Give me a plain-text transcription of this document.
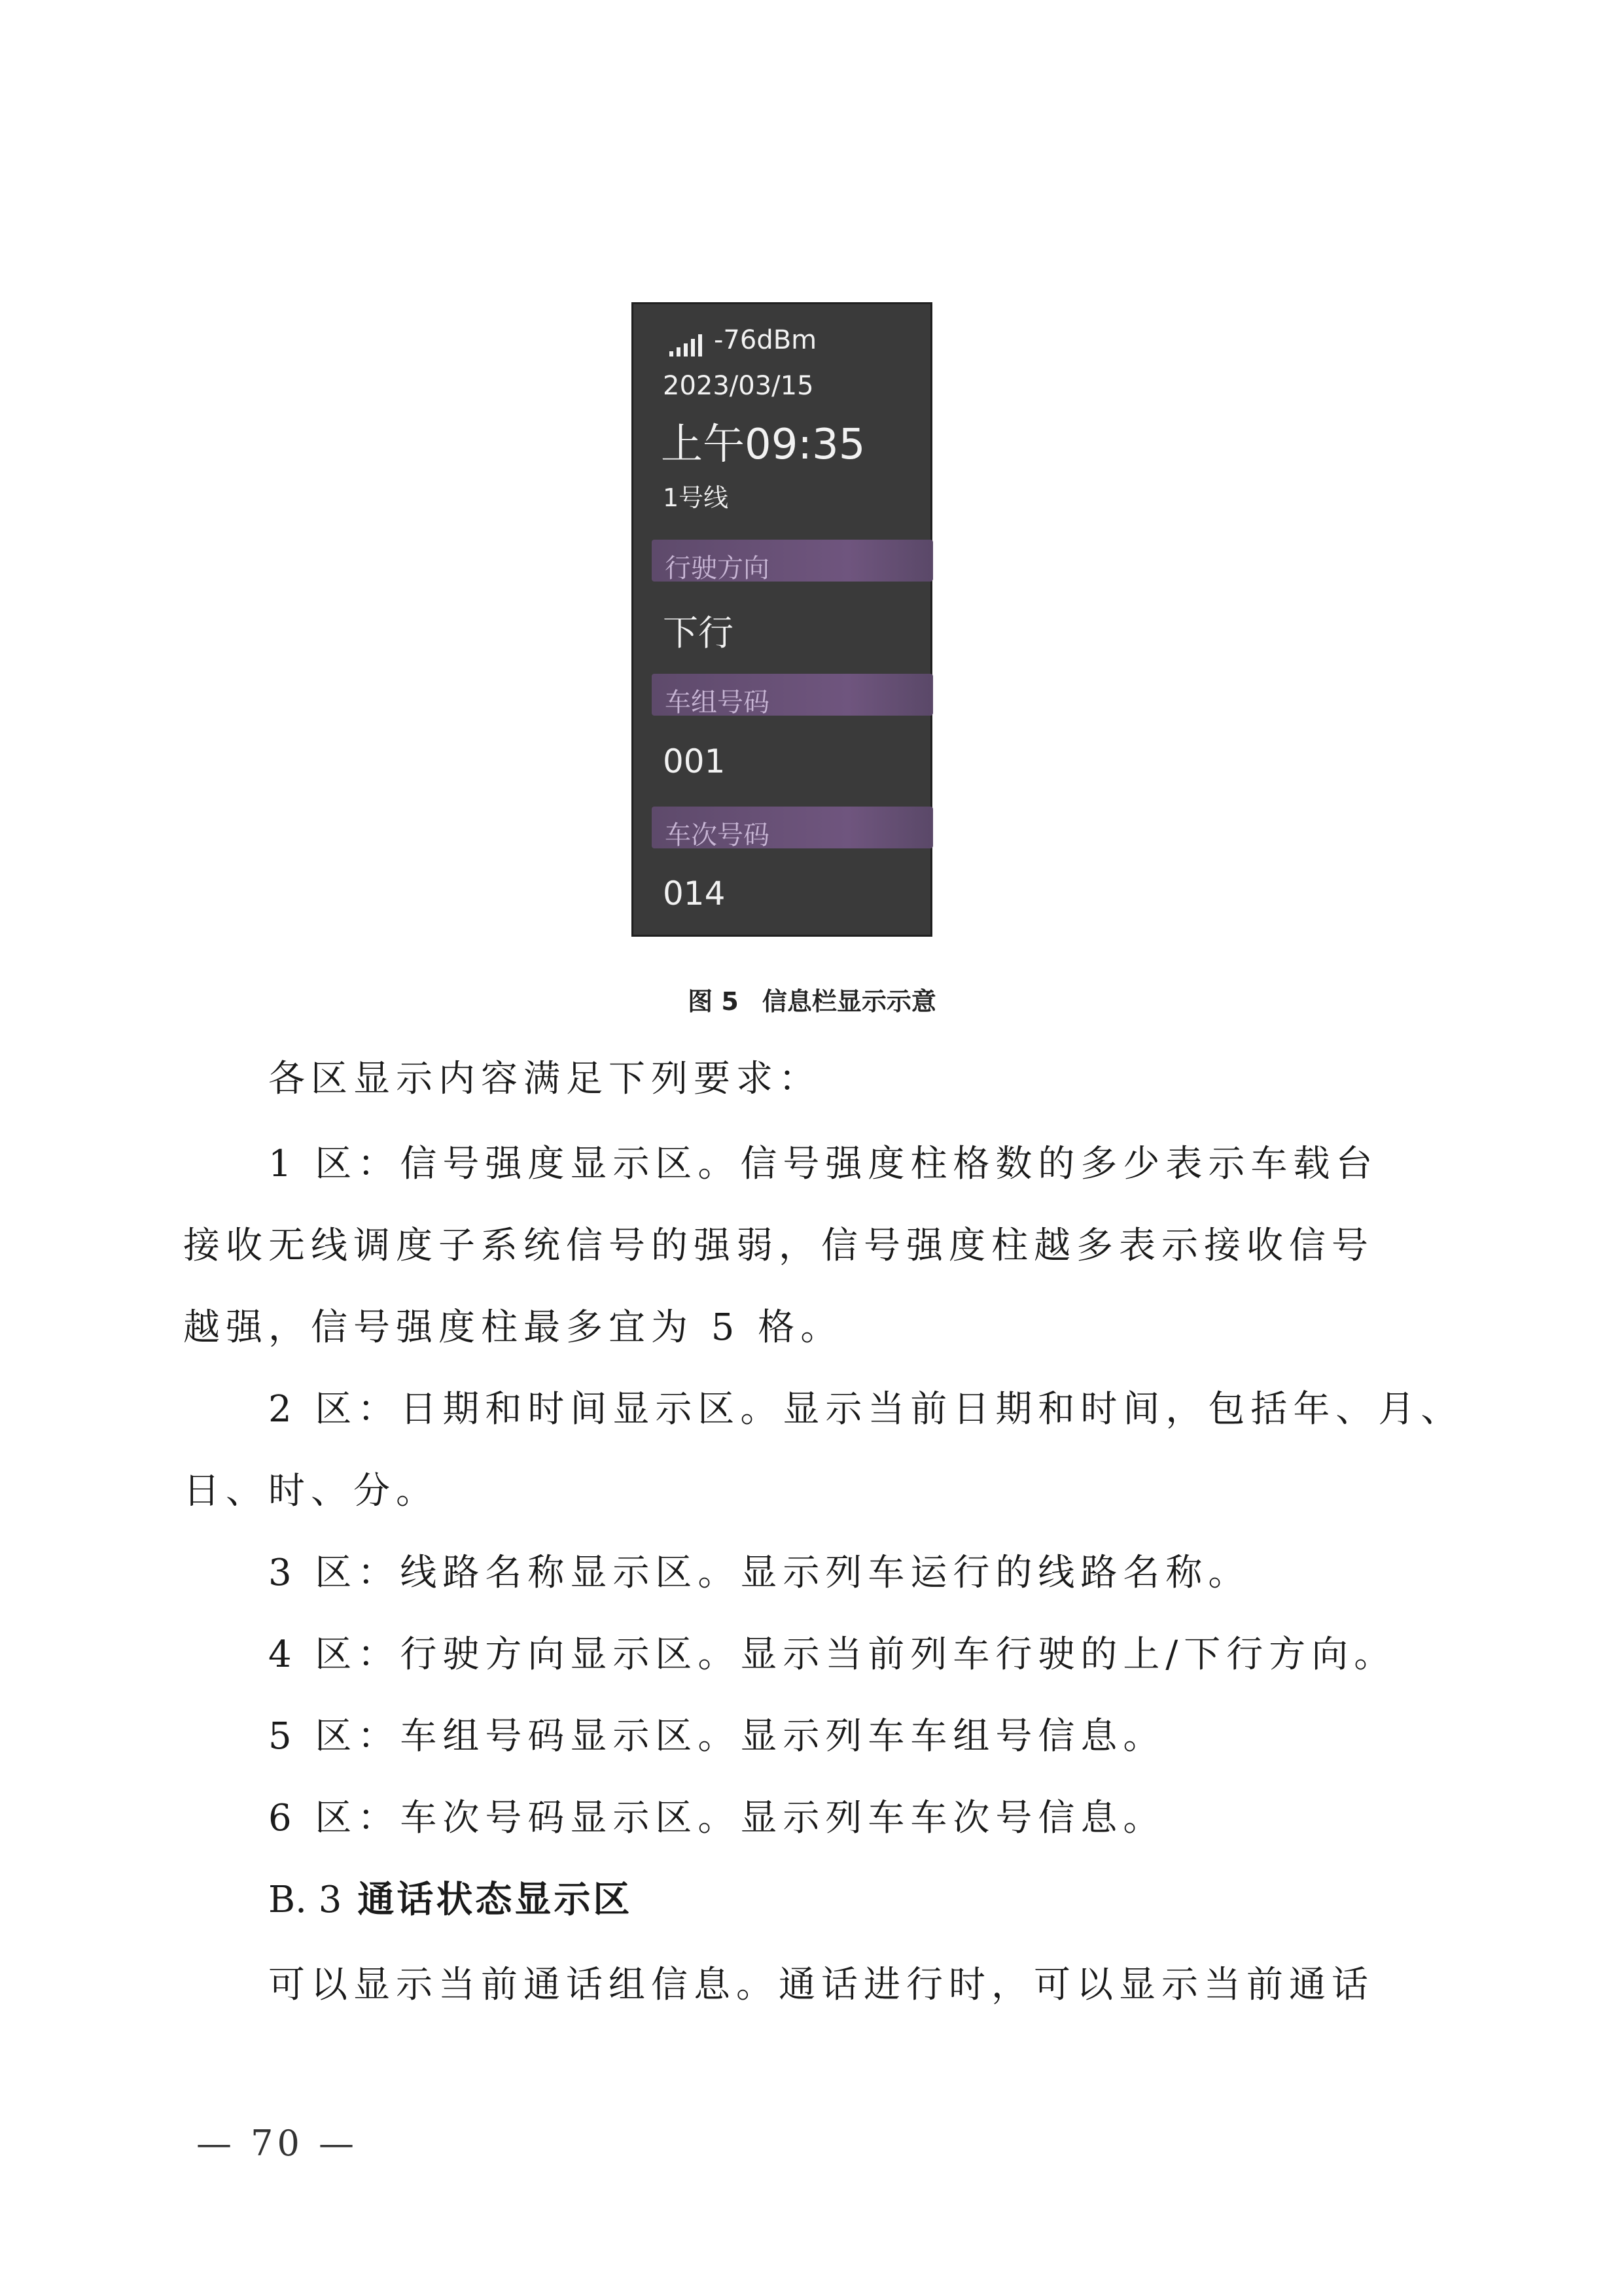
-76dBm
2023/03/15
上午09:35
1号线
行驶方向
下行
车组号码
001
车次号码
014
图 5 信息栏显示示意
各区显示内容满足下列要求：
1 区：信号强度显示区。信号强度柱格数的多少表示车载台
接收无线调度子系统信号的强弱，信号强度柱越多表示接收信号
越强，信号强度柱最多宜为 5 格。
2 区：日期和时间显示区。显示当前日期和时间，包括年、月、
日、时、分。
3 区：线路名称显示区。显示列车运行的线路名称。
4 区：行驶方向显示区。显示当前列车行驶的上/下行方向。
5 区：车组号码显示区。显示列车车组号信息。
6 区：车次号码显示区。显示列车车次号信息。
B. 3 通话状态显示区
可以显示当前通话组信息。通话进行时，可以显示当前通话
— 70 —
